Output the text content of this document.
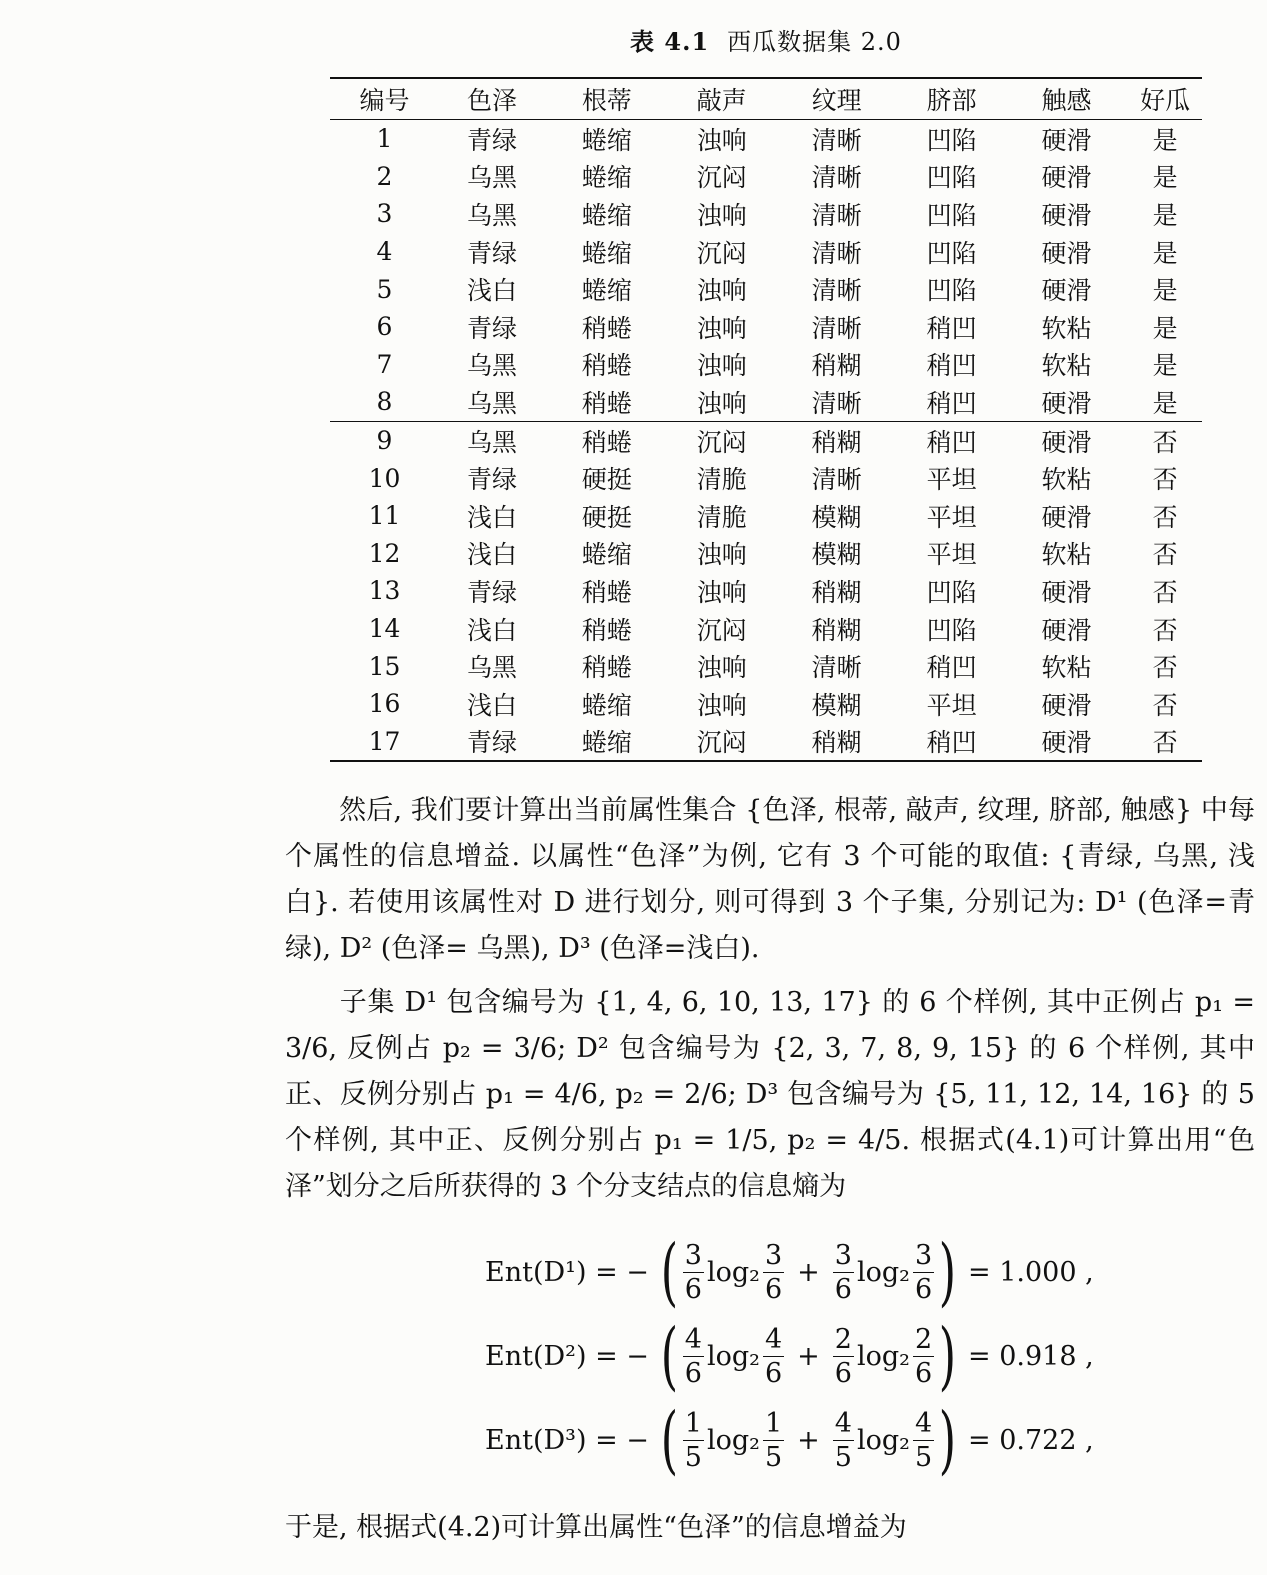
表 4.1 西瓜数据集 2.0
编号	色泽	根蒂	敲声	纹理	脐部	触感	好瓜
1	青绿	蜷缩	浊响	清晰	凹陷	硬滑	是
2	乌黑	蜷缩	沉闷	清晰	凹陷	硬滑	是
3	乌黑	蜷缩	浊响	清晰	凹陷	硬滑	是
4	青绿	蜷缩	沉闷	清晰	凹陷	硬滑	是
5	浅白	蜷缩	浊响	清晰	凹陷	硬滑	是
6	青绿	稍蜷	浊响	清晰	稍凹	软粘	是
7	乌黑	稍蜷	浊响	稍糊	稍凹	软粘	是
8	乌黑	稍蜷	浊响	清晰	稍凹	硬滑	是
9	乌黑	稍蜷	沉闷	稍糊	稍凹	硬滑	否
10	青绿	硬挺	清脆	清晰	平坦	软粘	否
11	浅白	硬挺	清脆	模糊	平坦	硬滑	否
12	浅白	蜷缩	浊响	模糊	平坦	软粘	否
13	青绿	稍蜷	浊响	稍糊	凹陷	硬滑	否
14	浅白	稍蜷	沉闷	稍糊	凹陷	硬滑	否
15	乌黑	稍蜷	浊响	清晰	稍凹	软粘	否
16	浅白	蜷缩	浊响	模糊	平坦	硬滑	否
17	青绿	蜷缩	沉闷	稍糊	稍凹	硬滑	否
然后, 我们要计算出当前属性集合 {色泽, 根蒂, 敲声, 纹理, 脐部, 触感} 中每个属性的信息增益. 以属性“色泽”为例, 它有 3 个可能的取值: {青绿, 乌黑, 浅白}. 若使用该属性对 D 进行划分, 则可得到 3 个子集, 分别记为: D¹ (色泽=青绿), D² (色泽= 乌黑), D³ (色泽=浅白).
子集 D¹ 包含编号为 {1, 4, 6, 10, 13, 17} 的 6 个样例, 其中正例占 p₁ = 3/6, 反例占 p₂ = 3/6; D² 包含编号为 {2, 3, 7, 8, 9, 15} 的 6 个样例, 其中正、反例分别占 p₁ = 4/6, p₂ = 2/6; D³ 包含编号为 {5, 11, 12, 14, 16} 的 5 个样例, 其中正、反例分别占 p₁ = 1/5, p₂ = 4/5. 根据式(4.1)可计算出用“色泽”划分之后所获得的 3 个分支结点的信息熵为
Ent(D¹) = − ( $\frac{3}{6} \log_2 \frac{3}{6} + \frac{3}{6} \log_2 \frac{3}{6}$ ) = 1.000 ,
Ent(D²) = − ( $\frac{4}{6} \log_2 \frac{4}{6} + \frac{2}{6} \log_2 \frac{2}{6}$ ) = 0.918 ,
Ent(D³) = − ( $\frac{1}{5} \log_2 \frac{1}{5} + \frac{4}{5} \log_2 \frac{4}{5}$ ) = 0.722 ,
于是, 根据式(4.2)可计算出属性“色泽”的信息增益为
